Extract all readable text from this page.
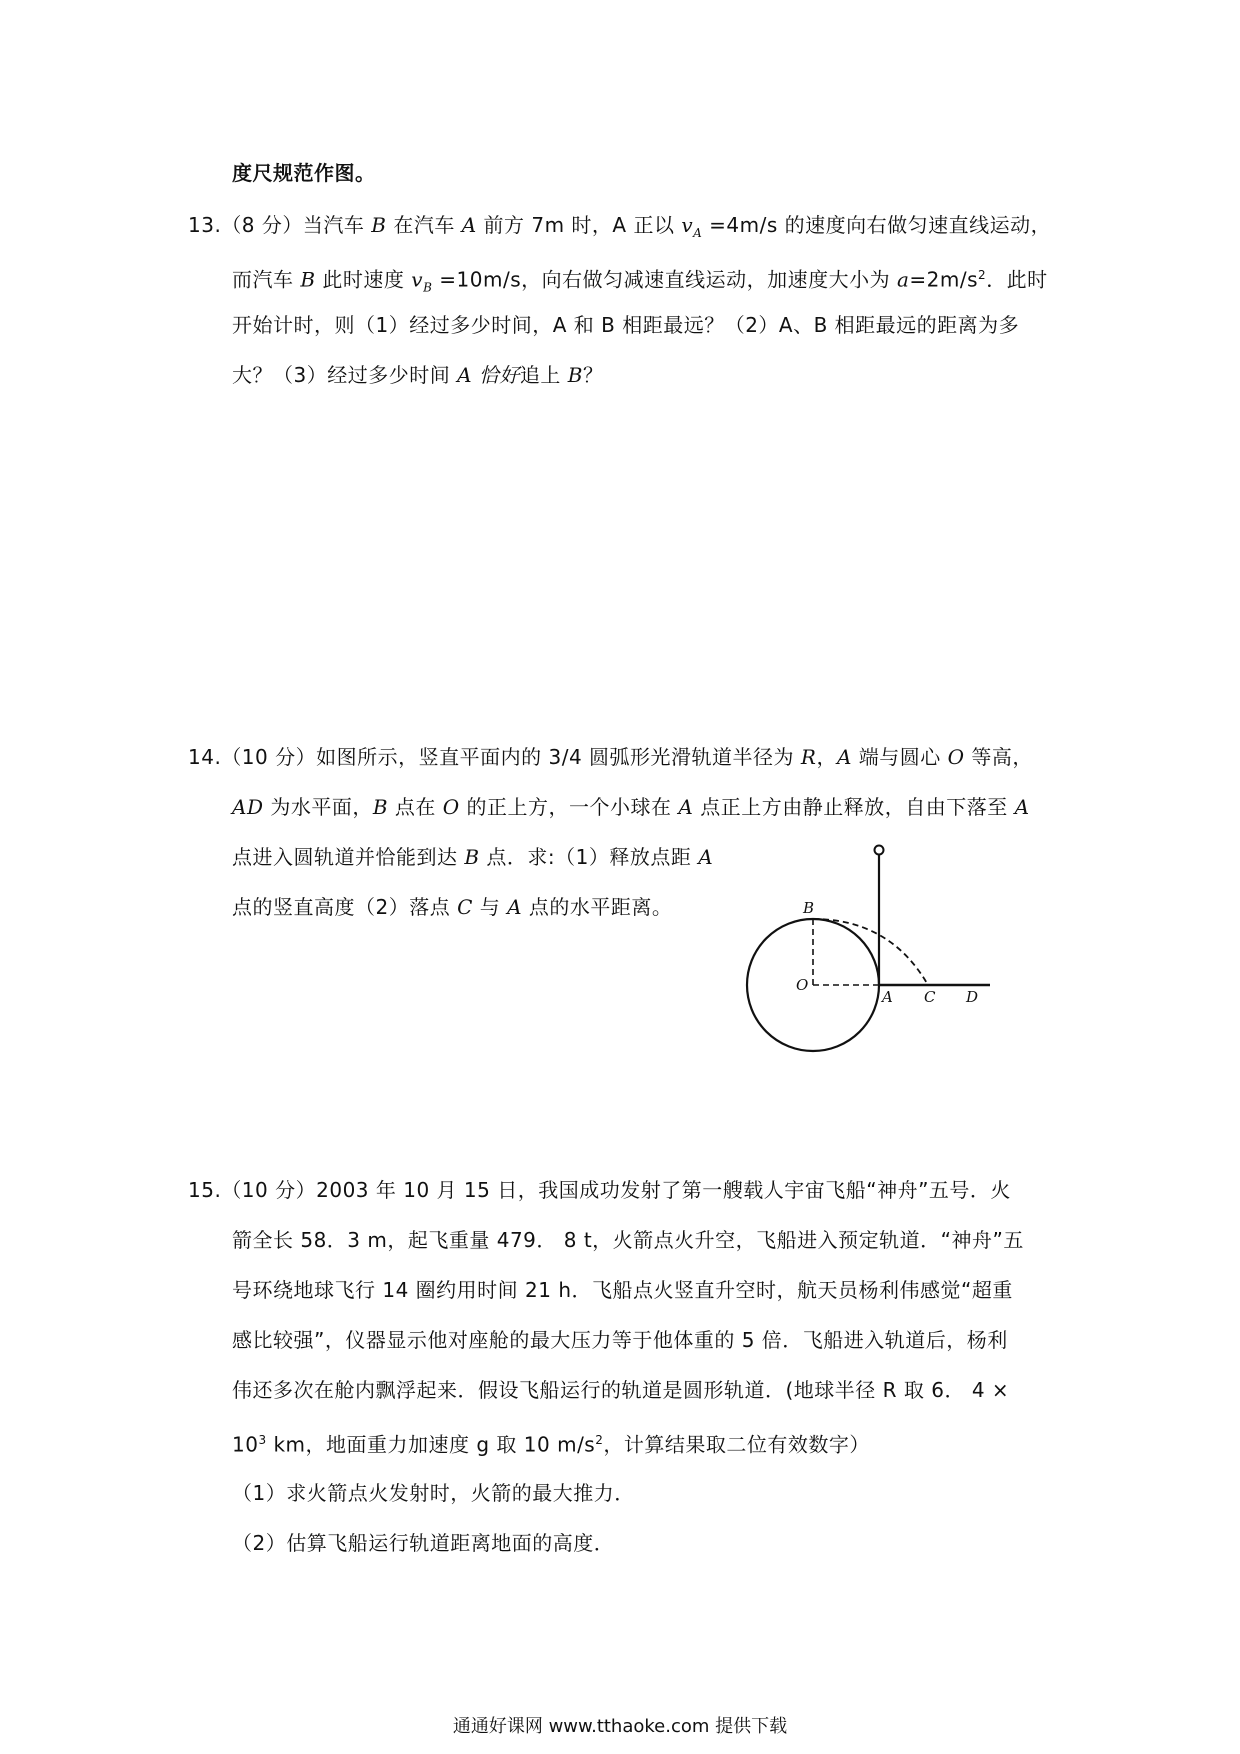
度尺规范作图。
13.（8 分）当汽车 B 在汽车 A 前方 7m 时，A 正以 $v_A =4m/s$ 的速度向右做匀速直线运动，
而汽车 B 此时速度 $v_B =10m/s$，向右做匀减速直线运动，加速度大小为 $a=2m/s^2$．此时
开始计时，则（1）经过多少时间，A 和 B 相距最远？（2）A、B 相距最远的距离为多
大？（3）经过多少时间 A 恰好追上 B？
14.（10 分）如图所示，竖直平面内的 3/4 圆弧形光滑轨道半径为 R，A 端与圆心 O 等高，
AD 为水平面，B 点在 O 的正上方，一个小球在 A 点正上方由静止释放，自由下落至 A
点进入圆轨道并恰能到达 B 点．求:（1）释放点距 A
点的竖直高度（2）落点 C 与 A 点的水平距离。	B
O
A C D
15.（10 分）2003 年 10 月 15 日，我国成功发射了第一艘载人宇宙飞船“神舟”五号．火
箭全长 58．3 m，起飞重量 479． 8 t，火箭点火升空，飞船进入预定轨道．“神舟”五
号环绕地球飞行 14 圈约用时间 21 h．飞船点火竖直升空时，航天员杨利伟感觉“超重
感比较强”，仪器显示他对座舱的最大压力等于他体重的 5 倍．飞船进入轨道后，杨利
伟还多次在舱内飘浮起来．假设飞船运行的轨道是圆形轨道．(地球半径 R 取 6． 4 ×
$10^3$ km，地面重力加速度 g 取 10 $m/s^2$，计算结果取二位有效数字）
（1）求火箭点火发射时，火箭的最大推力．
（2）估算飞船运行轨道距离地面的高度．
通通好课网 www.tthaoke.com 提供下载
